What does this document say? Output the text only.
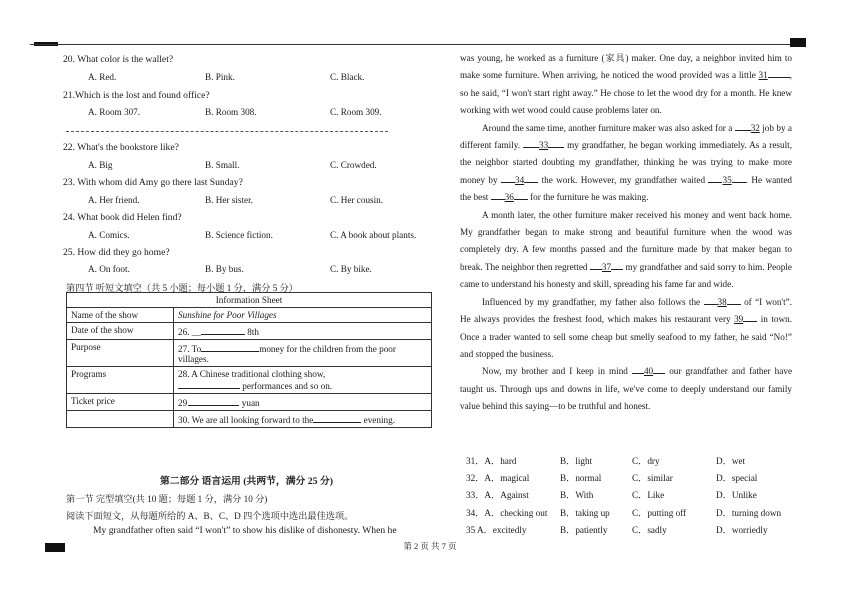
20. What color is the wallet?
A. Red.	B. Pink.	C. Black.
21.Which is the lost and found office?
A. Room 307.	B. Room 308.	C. Room 309.
22. What's the bookstore like?
A. Big	B. Small.	C. Crowded.
23. With whom did Amy go there last Sunday?
A. Her friend.	B. Her sister.	C. Her cousin.
24. What book did Helen find?
A. Comics.	B. Science fiction.	C. A book about plants.
25. How did they go home?
A. On foot.	B. By bus.	C. By bike.
第四节 听短文填空（共 5 小题；每小题 1 分，满分 5 分）
Information Sheet	
Name of the show	Sunshine for Poor Villages
Date of the show	26. __ 8th
Purpose	27. To money for the children from the poor villages.
Programs	28. A Chinese traditional clothing show,
performances and so on.
Ticket price	29. yuan
	30. We are all looking forward to the evening.
第二部分 语言运用 (共两节，满分 25 分)
第一节 完型填空(共 10 题；每题 1 分，满分 10 分)
阅读下面短文，从每题所给的 A、B、C、D 四个选项中选出最佳选项。
My grandfather often said “I won't” to show his dislike of dishonesty. When he

was young, he worked as a furniture (家具) maker. One day, a neighbor invited him to make some furniture. When arriving, he noticed the wood provided was a little 31 , so he said, “I won't start right away.” He chose to let the wood dry for a month. He knew working with wet wood could cause problems later on.

Around the same time, another furniture maker was also asked for a 32 job by a different family. 33 my grandfather, he began working immediately. As a result, the neighbor started doubting my grandfather, thinking he was trying to make more money by 34 the work. However, my grandfather waited 35 . He wanted the best 36 for the furniture he was making.

A month later, the other furniture maker received his money and went back home. My grandfather began to make strong and beautiful furniture when the wood was completely dry. A few months passed and the furniture made by that maker began to break. The neighbor then regretted 37 my grandfather and said sorry to him. People came to understand his honesty and skill, spreading his fame far and wide.

Influenced by my grandfather, my father also follows the 38 of “I won't”. He always provides the freshest food, which makes his restaurant very 39 in town. Once a trader wanted to sell some cheap but smelly seafood to my father, he said “No!” and stopped the business.

Now, my brother and I keep in mind 40 our grandfather and father have taught us. Through ups and downs in life, we've come to deeply understand our family value behind this saying—to be truthful and honest.

31．A．hard	B．light	C．dry	D．wet
32．A．magical	B．normal	C．similar	D．special
33．A．Against	B．With	C．Like	D．Unlike
34．A．checking out B．taking up C．putting off	D．turning down
35 A．excitedly	B．patiently	C．sadly	D．worriedly
第 2 页 共 7 页
